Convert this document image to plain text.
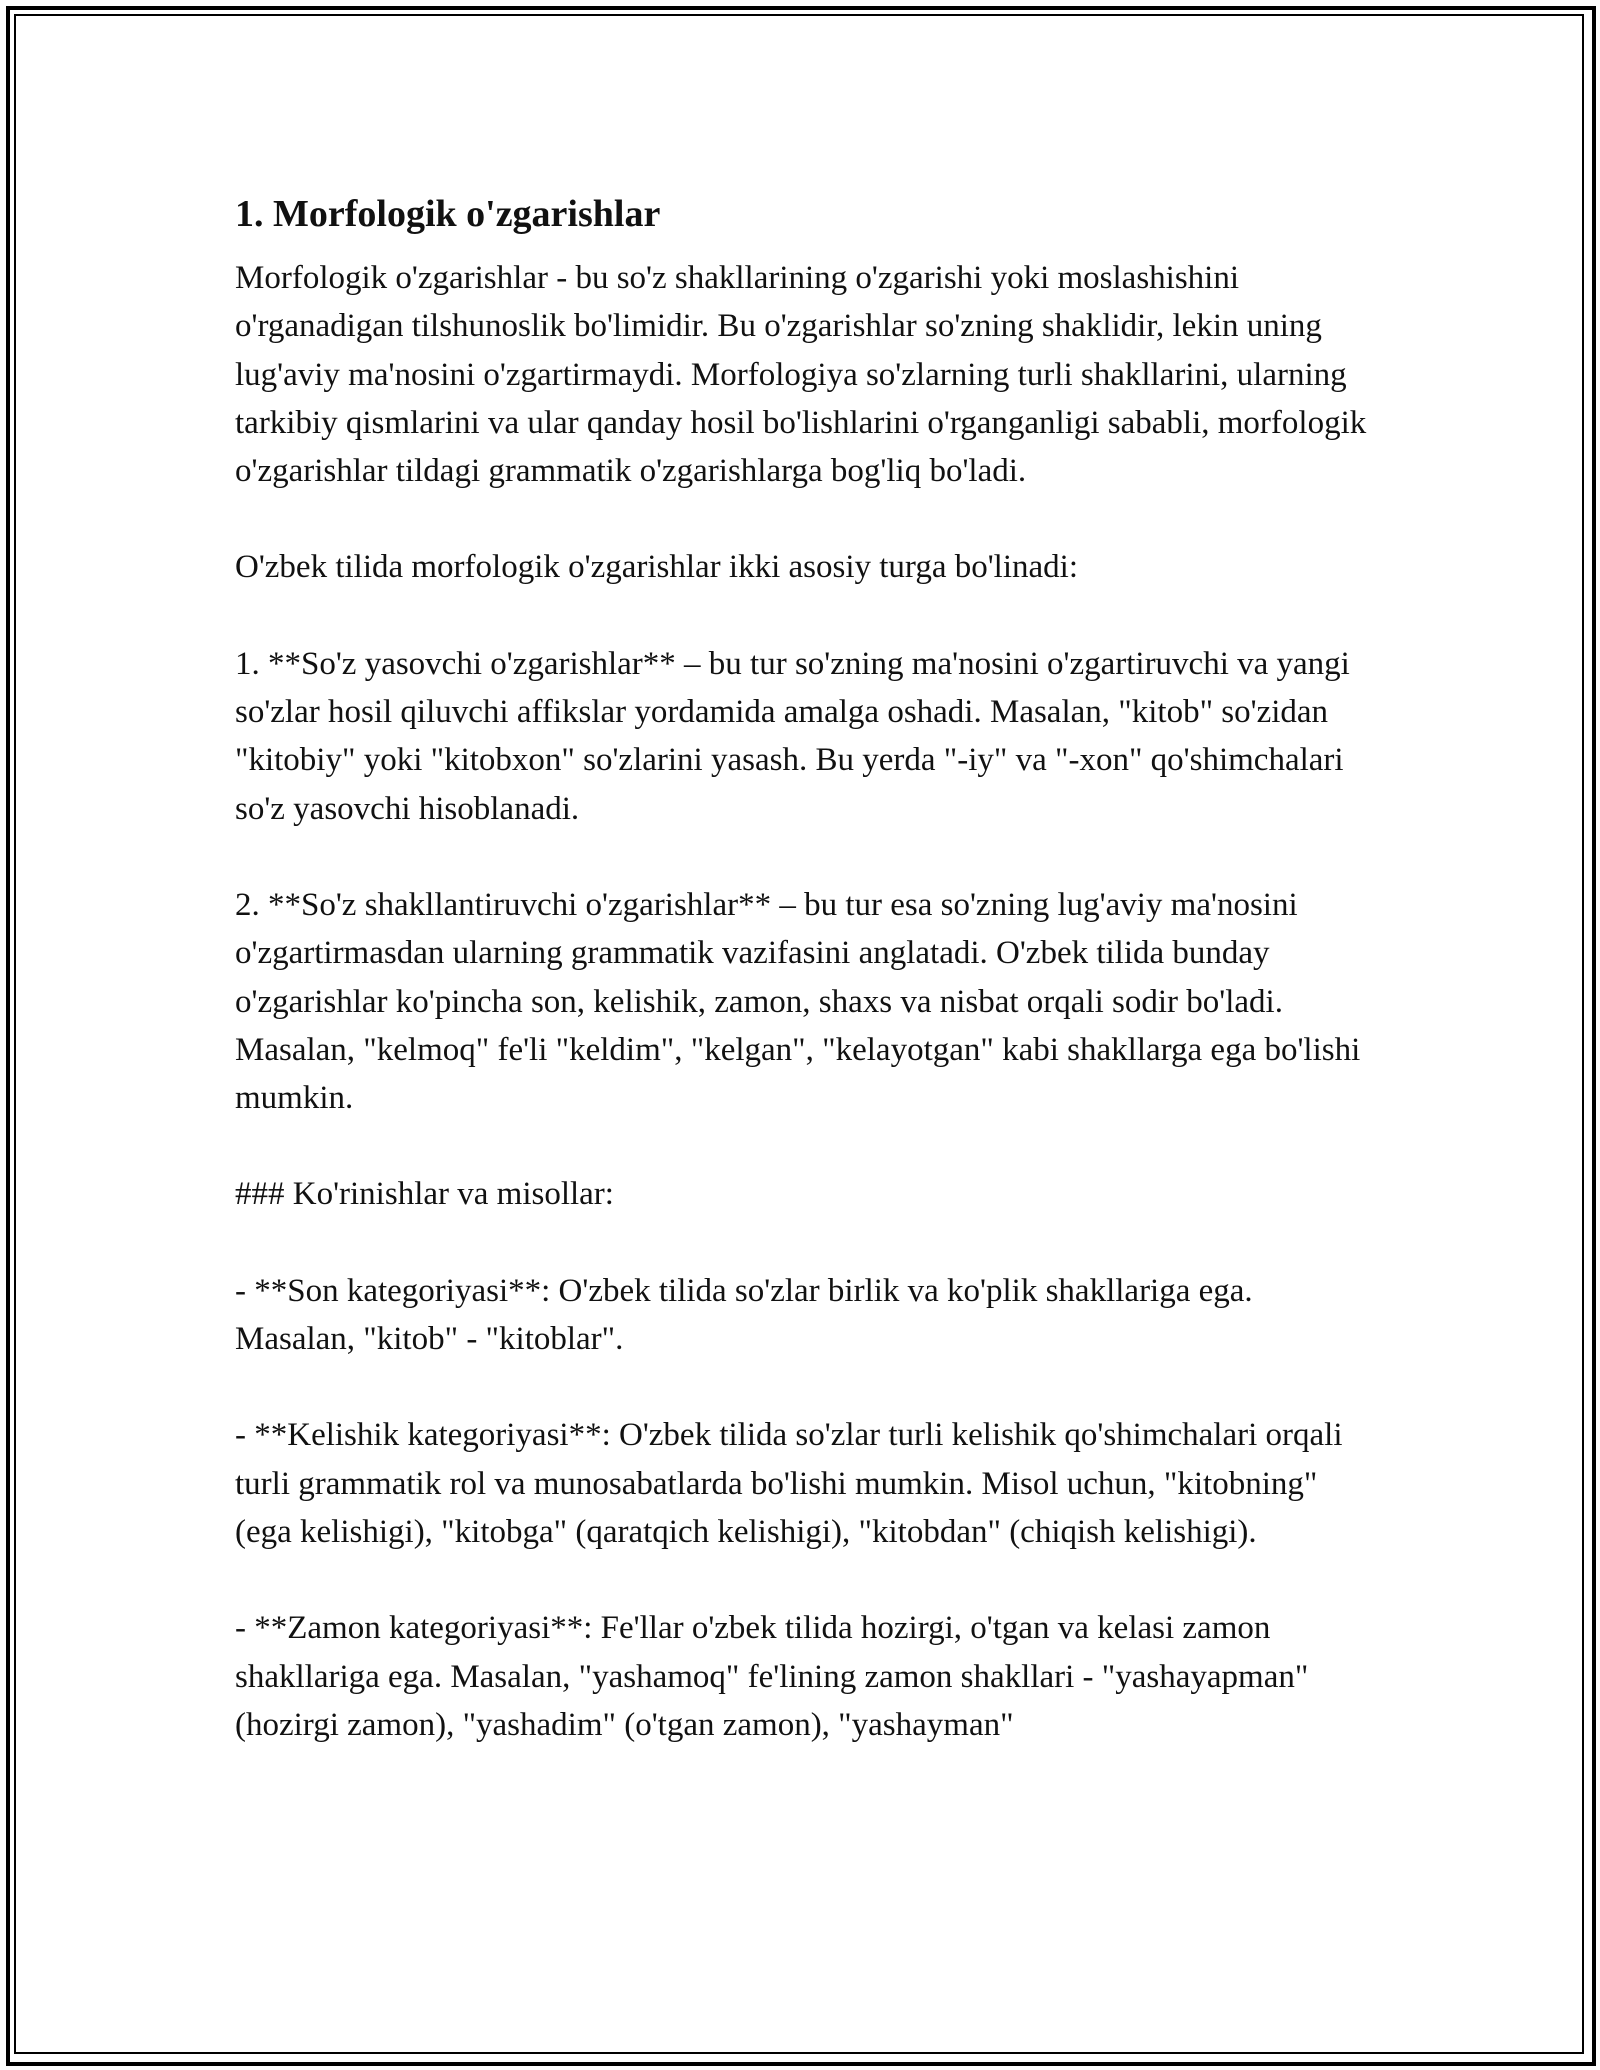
1. Morfologik o'zgarishlar

Morfologik o'zgarishlar - bu so'z shakllarining o'zgarishi yoki moslashishini o'rganadigan tilshunoslik bo'limidir. Bu o'zgarishlar so'zning shaklidir, lekin uning lug'aviy ma'nosini o'zgartirmaydi. Morfologiya so'zlarning turli shakllarini, ularning tarkibiy qismlarini va ular qanday hosil bo'lishlarini o'rganganligi sababli, morfologik o'zgarishlar tildagi grammatik o'zgarishlarga bog'liq bo'ladi.

O'zbek tilida morfologik o'zgarishlar ikki asosiy turga bo'linadi:

1. **So'z yasovchi o'zgarishlar** – bu tur so'zning ma'nosini o'zgartiruvchi va yangi so'zlar hosil qiluvchi affikslar yordamida amalga oshadi. Masalan, "kitob" so'zidan "kitobiy" yoki "kitobxon" so'zlarini yasash. Bu yerda "-iy" va "-xon" qo'shimchalari so'z yasovchi hisoblanadi.

2. **So'z shakllantiruvchi o'zgarishlar** – bu tur esa so'zning lug'aviy ma'nosini o'zgartirmasdan ularning grammatik vazifasini anglatadi. O'zbek tilida bunday o'zgarishlar ko'pincha son, kelishik, zamon, shaxs va nisbat orqali sodir bo'ladi. Masalan, "kelmoq" fe'li "keldim", "kelgan", "kelayotgan" kabi shakllarga ega bo'lishi mumkin.

### Ko'rinishlar va misollar:

- **Son kategoriyasi**: O'zbek tilida so'zlar birlik va ko'plik shakllariga ega. Masalan, "kitob" - "kitoblar".

- **Kelishik kategoriyasi**: O'zbek tilida so'zlar turli kelishik qo'shimchalari orqali turli grammatik rol va munosabatlarda bo'lishi mumkin. Misol uchun, "kitobning" (ega kelishigi), "kitobga" (qaratqich kelishigi), "kitobdan" (chiqish kelishigi).

- **Zamon kategoriyasi**: Fe'llar o'zbek tilida hozirgi, o'tgan va kelasi zamon shakllariga ega. Masalan, "yashamoq" fe'lining zamon shakllari - "yashayapman" (hozirgi zamon), "yashadim" (o'tgan zamon), "yashayman"
